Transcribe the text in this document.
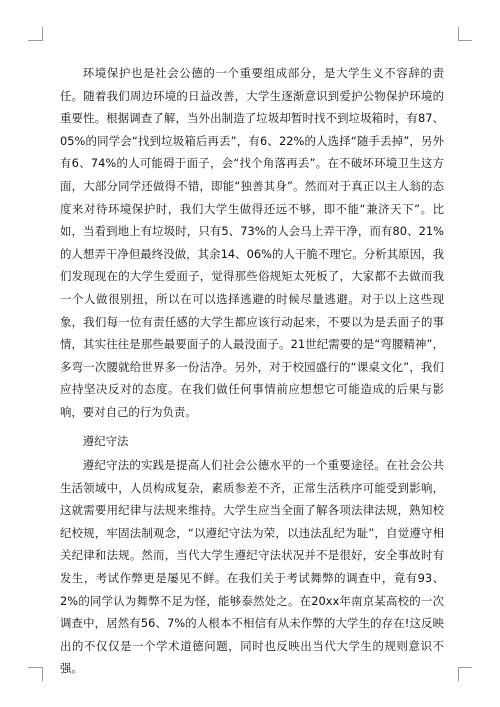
环境保护也是社会公德的一个重要组成部分，是大学生义不容辞的责任。随着我们周边环境的日益改善，大学生逐渐意识到爱护公物保护环境的重要性。根据调查了解，当外出制造了垃圾却暂时找不到垃圾箱时，有87、05%的同学会“找到垃圾箱后再丢”，有6、22%的人选择“随手丢掉”，另外有6、74%的人可能碍于面子，会“找个角落再丢”。在不破坏环境卫生这方面，大部分同学还做得不错，即能“独善其身”。然而对于真正以主人翁的态度来对待环境保护时，我们大学生做得还远不够，即不能“兼济天下”。比如，当看到地上有垃圾时，只有5、73%的人会马上弄干净，而有80、21%的人想弄干净但最终没做，其余14、06%的人干脆不理它。分析其原因，我们发现现在的大学生爱面子，觉得那些俗规矩太死板了，大家都不去做而我一个人做很别扭，所以在可以选择逃避的时候尽量逃避。对于以上这些现象，我们每一位有责任感的大学生都应该行动起来，不要以为是丢面子的事情，其实往往是那些最要面子的人最没面子。21世纪需要的是“弯腰精神”，多弯一次腰就给世界多一份洁净。另外，对于校园盛行的“课桌文化”，我们应持坚决反对的态度。在我们做任何事情前应想想它可能造成的后果与影响，要对自己的行为负责。

遵纪守法

遵纪守法的实践是提高人们社会公德水平的一个重要途径。在社会公共生活领域中，人员构成复杂，素质参差不齐，正常生活秩序可能受到影响，这就需要用纪律与法规来维持。大学生应当全面了解各项法律法规，熟知校纪校规，牢固法制观念，“以遵纪守法为荣，以违法乱纪为耻”，自觉遵守相关纪律和法规。然而，当代大学生遵纪守法状况并不是很好，安全事故时有发生，考试作弊更是屡见不鲜。在我们关于考试舞弊的调查中，竟有93、2%的同学认为舞弊不足为怪，能够泰然处之。在20xx年南京某高校的一次调查中，居然有56、7%的人根本不相信有从未作弊的大学生的存在!这反映出的不仅仅是一个学术道德问题，同时也反映出当代大学生的规则意识不强。
